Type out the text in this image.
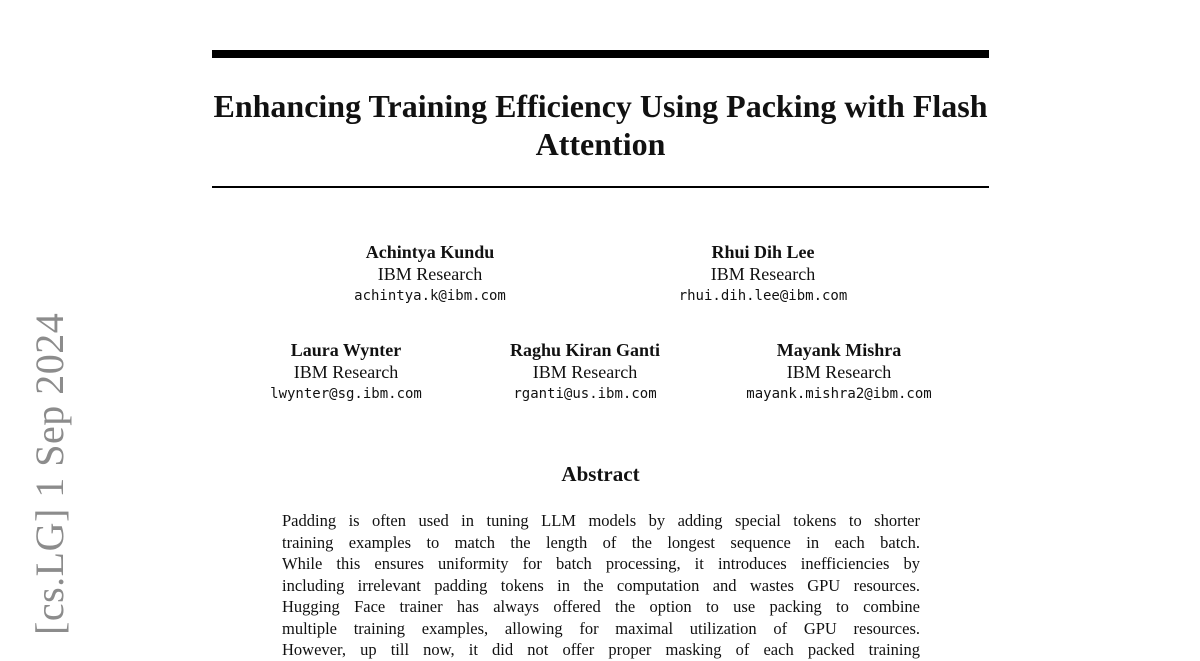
[cs.LG] 1 Sep 2024
Enhancing Training Efficiency Using Packing with Flash Attention
Achintya Kundu
IBM Research
achintya.k@ibm.com
Rhui Dih Lee
IBM Research
rhui.dih.lee@ibm.com
Laura Wynter
IBM Research
lwynter@sg.ibm.com
Raghu Kiran Ganti
IBM Research
rganti@us.ibm.com
Mayank Mishra
IBM Research
mayank.mishra2@ibm.com
Abstract
Padding is often used in tuning LLM models by adding special tokens to shorter
training examples to match the length of the longest sequence in each batch.
While this ensures uniformity for batch processing, it introduces inefficiencies by
including irrelevant padding tokens in the computation and wastes GPU resources.
Hugging Face trainer has always offered the option to use packing to combine
multiple training examples, allowing for maximal utilization of GPU resources.
However, up till now, it did not offer proper masking of each packed training
